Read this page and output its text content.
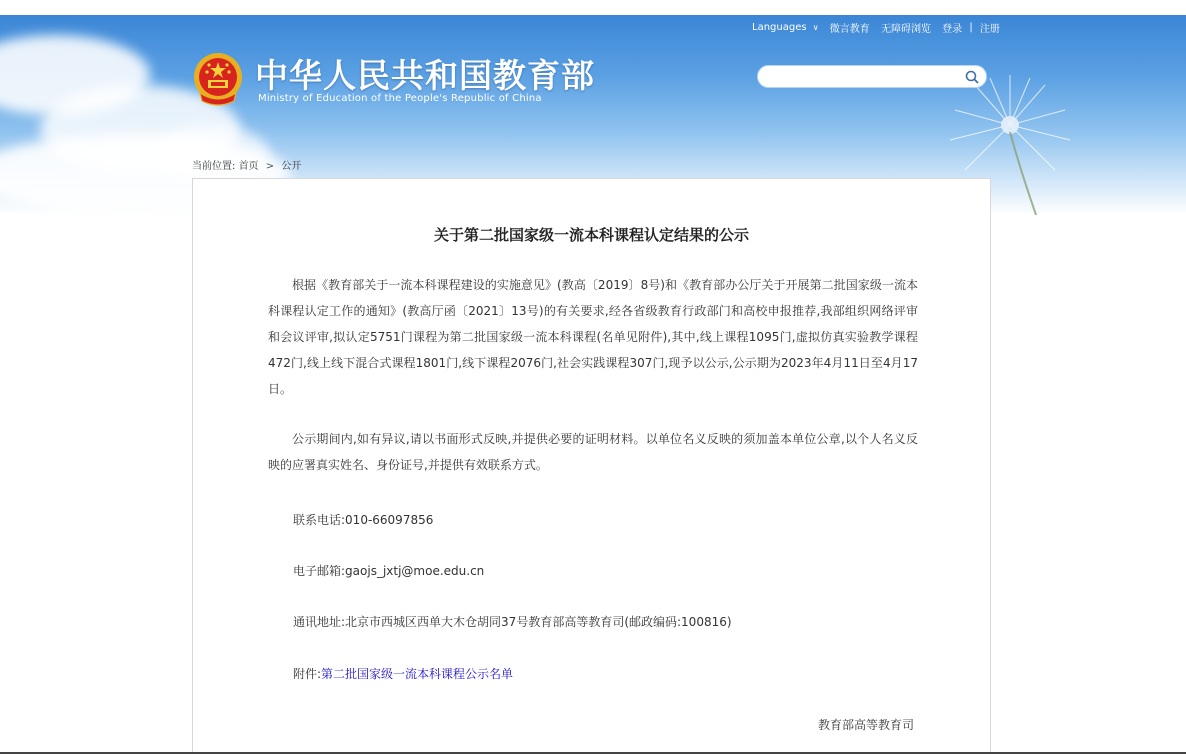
中华人民共和国教育部
Ministry of Education of the People's Republic of China
Languages ∨ 微言教育 无障碍浏览 登录 | 注册
当前位置: 首页 > 公开
关于第二批国家级一流本科课程认定结果的公示

根据《教育部关于一流本科课程建设的实施意见》(教高〔2019〕8号)和《教育部办公厅关于开展第二批国家级一流本科课程认定工作的通知》(教高厅函〔2021〕13号)的有关要求,经各省级教育行政部门和高校申报推荐,我部组织网络评审和会议评审,拟认定5751门课程为第二批国家级一流本科课程(名单见附件),其中,线上课程1095门,虚拟仿真实验教学课程472门,线上线下混合式课程1801门,线下课程2076门,社会实践课程307门,现予以公示,公示期为2023年4月11日至4月17日。

公示期间内,如有异议,请以书面形式反映,并提供必要的证明材料。以单位名义反映的须加盖本单位公章,以个人名义反映的应署真实姓名、身份证号,并提供有效联系方式。

联系电话:010-66097856

电子邮箱:gaojs_jxtj@moe.edu.cn

通讯地址:北京市西城区西单大木仓胡同37号教育部高等教育司(邮政编码:100816)

附件:第二批国家级一流本科课程公示名单

教育部高等教育司
